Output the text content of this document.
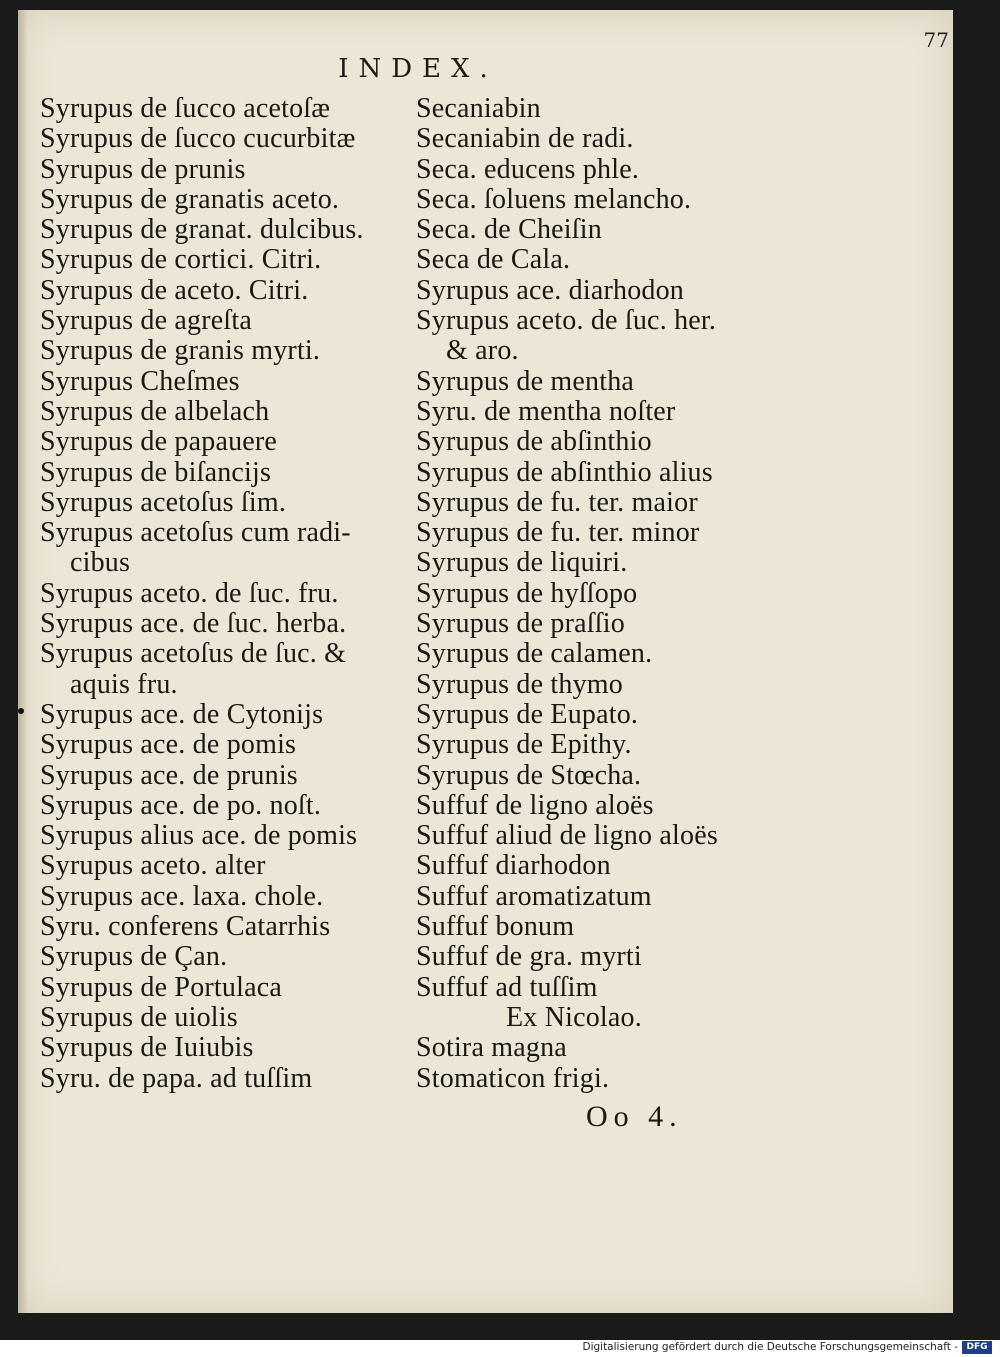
INDEX.
77
Syrupus de ſucco acetoſæ
Syrupus de ſucco cucurbitæ
Syrupus de prunis
Syrupus de granatis aceto.
Syrupus de granat. dulcibus.
Syrupus de cortici. Citri.
Syrupus de aceto. Citri.
Syrupus de agreſta
Syrupus de granis myrti.
Syrupus Cheſmes
Syrupus de albelach
Syrupus de papauere
Syrupus de biſancijs
Syrupus acetoſus ſim.
Syrupus acetoſus cum radi-
cibus
Syrupus aceto. de ſuc. fru.
Syrupus ace. de ſuc. herba.
Syrupus acetoſus de ſuc. &
aquis fru.
Syrupus ace. de Cytonijs
Syrupus ace. de pomis
Syrupus ace. de prunis
Syrupus ace. de po. noſt.
Syrupus alius ace. de pomis
Syrupus aceto. alter
Syrupus ace. laxa. chole.
Syru. conferens Catarrhis
Syrupus de Çan.
Syrupus de Portulaca
Syrupus de uiolis
Syrupus de Iuiubis
Syru. de papa. ad tuſſim
Secaniabin
Secaniabin de radi.
Seca. educens phle.
Seca. ſoluens melancho.
Seca. de Cheiſin
Seca de Cala.
Syrupus ace. diarhodon
Syrupus aceto. de ſuc. her.
& aro.
Syrupus de mentha
Syru. de mentha noſter
Syrupus de abſinthio
Syrupus de abſinthio alius
Syrupus de fu. ter. maior
Syrupus de fu. ter. minor
Syrupus de liquiri.
Syrupus de hyſſopo
Syrupus de praſſio
Syrupus de calamen.
Syrupus de thymo
Syrupus de Eupato.
Syrupus de Epithy.
Syrupus de Stœcha.
Suffuf de ligno aloës
Suffuf aliud de ligno aloës
Suffuf diarhodon
Suffuf aromatizatum
Suffuf bonum
Suffuf de gra. myrti
Suffuf ad tuſſim
Ex Nicolao.
Sotira magna
Stomaticon frigi.
Oo 4.
Digitalisierung gefördert durch die Deutsche Forschungsgemeinschaft - DFG
